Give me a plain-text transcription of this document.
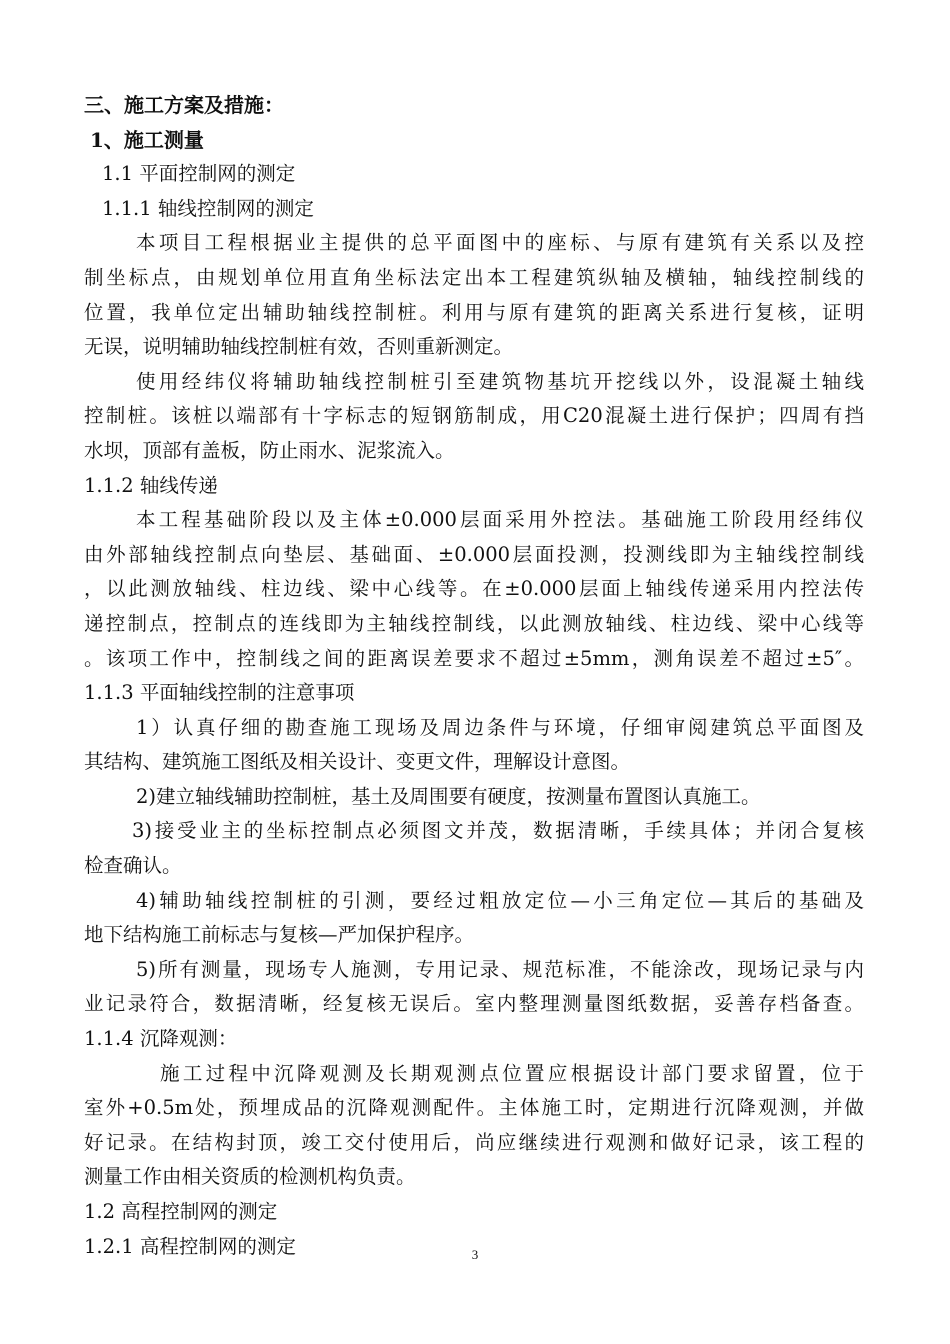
三、施工方案及措施：
1、施工测量
1.1 平面控制网的测定
1.1.1 轴线控制网的测定
本项目工程根据业主提供的总平面图中的座标、与原有建筑有关系以及控
制坐标点，由规划单位用直角坐标法定出本工程建筑纵轴及横轴，轴线控制线的
位置，我单位定出辅助轴线控制桩。利用与原有建筑的距离关系进行复核，证明
无误，说明辅助轴线控制桩有效，否则重新测定。
使用经纬仪将辅助轴线控制桩引至建筑物基坑开挖线以外，设混凝土轴线
控制桩。该桩以端部有十字标志的短钢筋制成，用C20混凝土进行保护；四周有挡
水坝，顶部有盖板，防止雨水、泥浆流入。
1.1.2 轴线传递
本工程基础阶段以及主体±0.000层面采用外控法。基础施工阶段用经纬仪
由外部轴线控制点向垫层、基础面、±0.000层面投测，投测线即为主轴线控制线
，以此测放轴线、柱边线、梁中心线等。在±0.000层面上轴线传递采用内控法传
递控制点，控制点的连线即为主轴线控制线，以此测放轴线、柱边线、梁中心线等
。该项工作中，控制线之间的距离误差要求不超过±5mm，测角误差不超过±5″。
1.1.3 平面轴线控制的注意事项
1）认真仔细的勘查施工现场及周边条件与环境，仔细审阅建筑总平面图及
其结构、建筑施工图纸及相关设计、变更文件，理解设计意图。
2)建立轴线辅助控制桩，基土及周围要有硬度，按测量布置图认真施工。
3)接受业主的坐标控制点必须图文并茂，数据清晰，手续具体；并闭合复核
检查确认。
4)辅助轴线控制桩的引测，要经过粗放定位—小三角定位—其后的基础及
地下结构施工前标志与复核—严加保护程序。
5)所有测量，现场专人施测，专用记录、规范标准，不能涂改，现场记录与内
业记录符合，数据清晰，经复核无误后。室内整理测量图纸数据，妥善存档备查。
1.1.4 沉降观测：
施工过程中沉降观测及长期观测点位置应根据设计部门要求留置，位于
室外+0.5m处，预埋成品的沉降观测配件。主体施工时，定期进行沉降观测，并做
好记录。在结构封顶，竣工交付使用后，尚应继续进行观测和做好记录，该工程的
测量工作由相关资质的检测机构负责。
1.2 高程控制网的测定
1.2.1 高程控制网的测定	3
